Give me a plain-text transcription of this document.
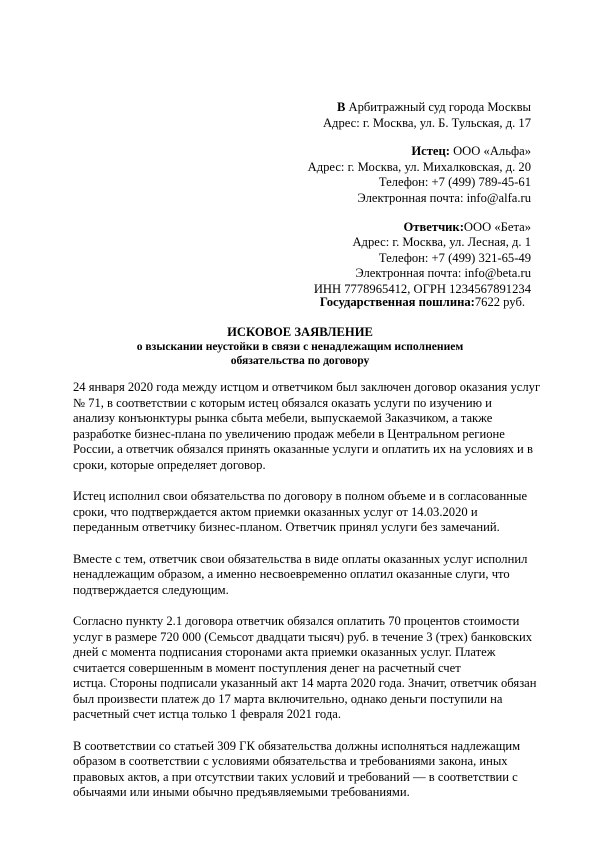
В Арбитражный суд города Москвы
Адрес: г. Москва, ул. Б. Тульская, д. 17
Истец: ООО «Альфа»
Адрес: г. Москва, ул. Михалковская, д. 20
Телефон: +7 (499) 789-45-61
Электронная почта: info@alfa.ru
Ответчик:ООО «Бета»
Адрес: г. Москва, ул. Лесная, д. 1
Телефон: +7 (499) 321-65-49
Электронная почта: info@beta.ru
ИНН 7778965412, ОГРН 1234567891234
Государственная пошлина:7622 руб.
ИСКОВОЕ ЗАЯВЛЕНИЕ
о взыскании неустойки в связи с ненадлежащим исполнением
обязательства по договору
24 января 2020 года между истцом и ответчиком был заключен договор оказания услуг
№ 71, в соответствии с которым истец обязался оказать услуги по изучению и
анализу конъюнктуры рынка сбыта мебели, выпускаемой Заказчиком, а также
разработке бизнес-плана по увеличению продаж мебели в Центральном регионе
России, а ответчик обязался принять оказанные услуги и оплатить их на условиях и в
сроки, которые определяет договор.
Истец исполнил свои обязательства по договору в полном объеме и в согласованные
сроки, что подтверждается актом приемки оказанных услуг от 14.03.2020 и
переданным ответчику бизнес-планом. Ответчик принял услуги без замечаний.
Вместе с тем, ответчик свои обязательства в виде оплаты оказанных услуг исполнил
ненадлежащим образом, а именно несвоевременно оплатил оказанные слуги, что
подтверждается следующим.
Согласно пункту 2.1 договора ответчик обязался оплатить 70 процентов стоимости
услуг в размере 720 000 (Семьсот двадцати тысяч) руб. в течение 3 (трех) банковских
дней с момента подписания сторонами акта приемки оказанных услуг. Платеж
считается совершенным в момент поступления денег на расчетный счет
истца. Стороны подписали указанный акт 14 марта 2020 года. Значит, ответчик обязан
был произвести платеж до 17 марта включительно, однако деньги поступили на
расчетный счет истца только 1 февраля 2021 года.
В соответствии со статьей 309 ГК обязательства должны исполняться надлежащим
образом в соответствии с условиями обязательства и требованиями закона, иных
правовых актов, а при отсутствии таких условий и требований — в соответствии с
обычаями или иными обычно предъявляемыми требованиями.
